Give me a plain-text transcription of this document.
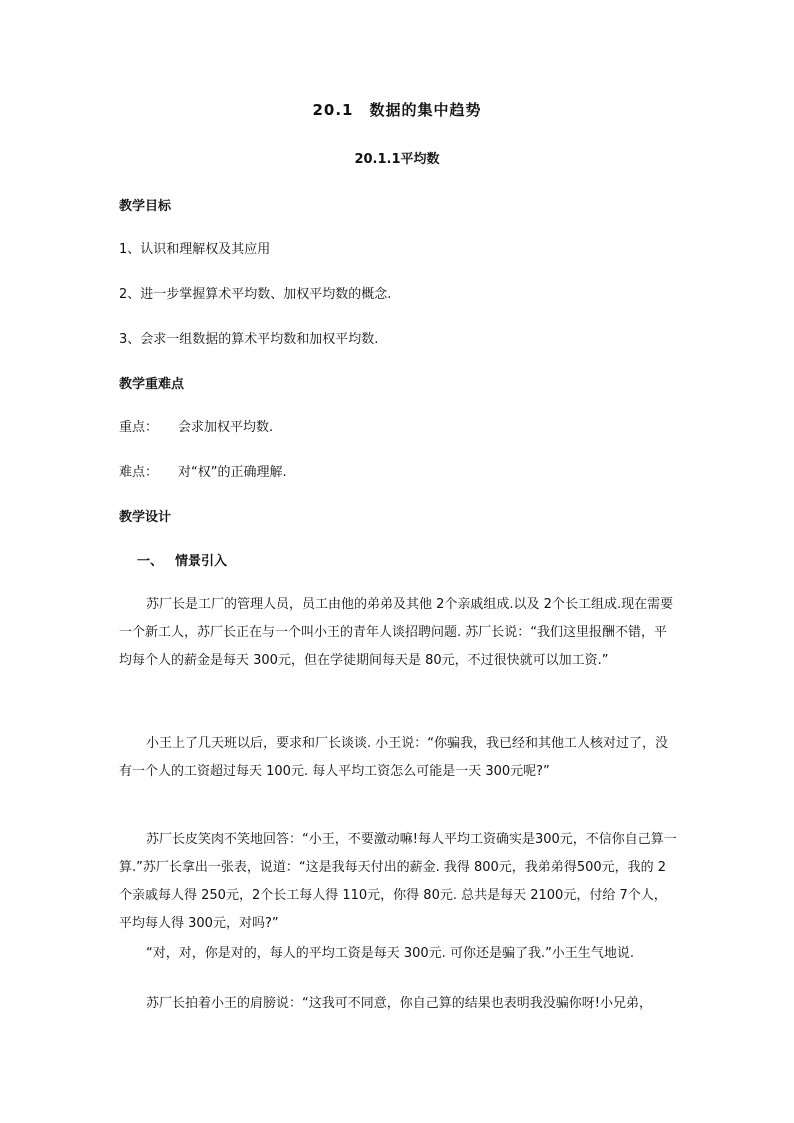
20.1　数据的集中趋势
20.1.1平均数
教学目标
1、认识和理解权及其应用
2、进一步掌握算术平均数、加权平均数的概念.
3、会求一组数据的算术平均数和加权平均数.
教学重难点
重点： 会求加权平均数.
难点： 对“权”的正确理解.
教学设计
一、 情景引入
苏厂长是工厂的管理人员，员工由他的弟弟及其他 2个亲戚组成.以及 2个长工组成.现在需要一个新工人，苏厂长正在与一个叫小王的青年人谈招聘问题. 苏厂长说：“我们这里报酬不错，平均每个人的薪金是每天 300元，但在学徒期间每天是 80元，不过很快就可以加工资.”
小王上了几天班以后，要求和厂长谈谈. 小王说：“你骗我，我已经和其他工人核对过了，没有一个人的工资超过每天 100元. 每人平均工资怎么可能是一天 300元呢?”
苏厂长皮笑肉不笑地回答：“小王，不要激动嘛!每人平均工资确实是300元，不信你自己算一算.”苏厂长拿出一张表，说道：“这是我每天付出的薪金. 我得 800元，我弟弟得500元，我的 2个亲戚每人得 250元，2个长工每人得 110元，你得 80元. 总共是每天 2100元，付给 7个人，平均每人得 300元，对吗?”
“对，对，你是对的，每人的平均工资是每天 300元. 可你还是骗了我.”小王生气地说.
苏厂长拍着小王的肩膀说：“这我可不同意，你自己算的结果也表明我没骗你呀!小兄弟，
